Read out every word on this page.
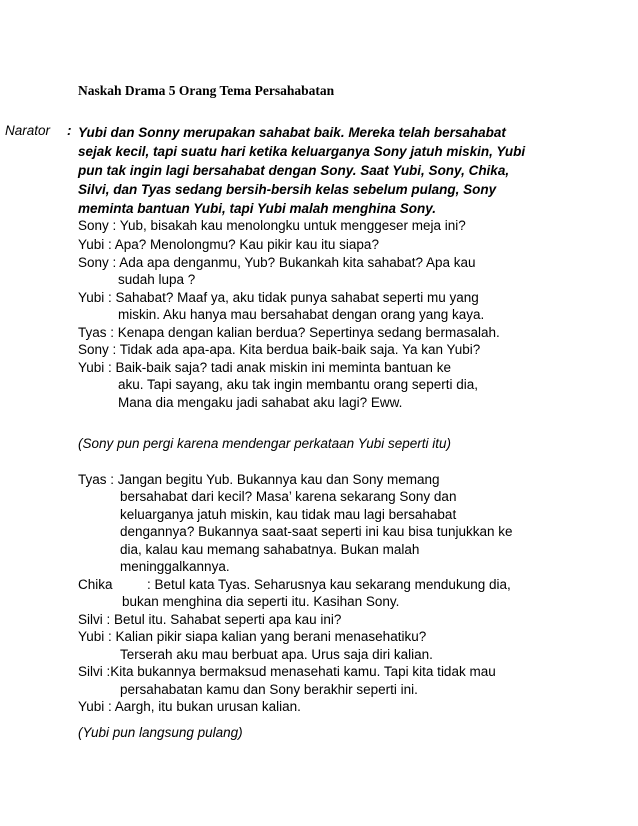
Naskah Drama 5 Orang Tema Persahabatan
Narator : Yubi dan Sonny merupakan sahabat baik. Mereka telah bersahabat
sejak kecil, tapi suatu hari ketika keluarganya Sony jatuh miskin, Yubi
pun tak ingin lagi bersahabat dengan Sony. Saat Yubi, Sony, Chika,
Silvi, dan Tyas sedang bersih-bersih kelas sebelum pulang, Sony
meminta bantuan Yubi, tapi Yubi malah menghina Sony.
Sony : Yub, bisakah kau menolongku untuk menggeser meja ini?
Yubi : Apa? Menolongmu? Kau pikir kau itu siapa?
Sony : Ada apa denganmu, Yub? Bukankah kita sahabat? Apa kau
sudah lupa ?
Yubi : Sahabat? Maaf ya, aku tidak punya sahabat seperti mu yang
miskin. Aku hanya mau bersahabat dengan orang yang kaya.
Tyas : Kenapa dengan kalian berdua? Sepertinya sedang bermasalah.
Sony : Tidak ada apa-apa. Kita berdua baik-baik saja. Ya kan Yubi?
Yubi : Baik-baik saja? tadi anak miskin ini meminta bantuan ke
aku. Tapi sayang, aku tak ingin membantu orang seperti dia,
Mana dia mengaku jadi sahabat aku lagi? Eww.
(Sony pun pergi karena mendengar perkataan Yubi seperti itu)
Tyas : Jangan begitu Yub. Bukannya kau dan Sony memang
bersahabat dari kecil? Masa’ karena sekarang Sony dan
keluarganya jatuh miskin, kau tidak mau lagi bersahabat
dengannya? Bukannya saat-saat seperti ini kau bisa tunjukkan ke
dia, kalau kau memang sahabatnya. Bukan malah
meninggalkannya.
Chika	: Betul kata Tyas. Seharusnya kau sekarang mendukung dia,
bukan menghina dia seperti itu. Kasihan Sony.
Silvi : Betul itu. Sahabat seperti apa kau ini?
Yubi : Kalian pikir siapa kalian yang berani menasehatiku?
Terserah aku mau berbuat apa. Urus saja diri kalian.
Silvi :Kita bukannya bermaksud menasehati kamu. Tapi kita tidak mau
persahabatan kamu dan Sony berakhir seperti ini.
Yubi : Aargh, itu bukan urusan kalian.
(Yubi pun langsung pulang)
